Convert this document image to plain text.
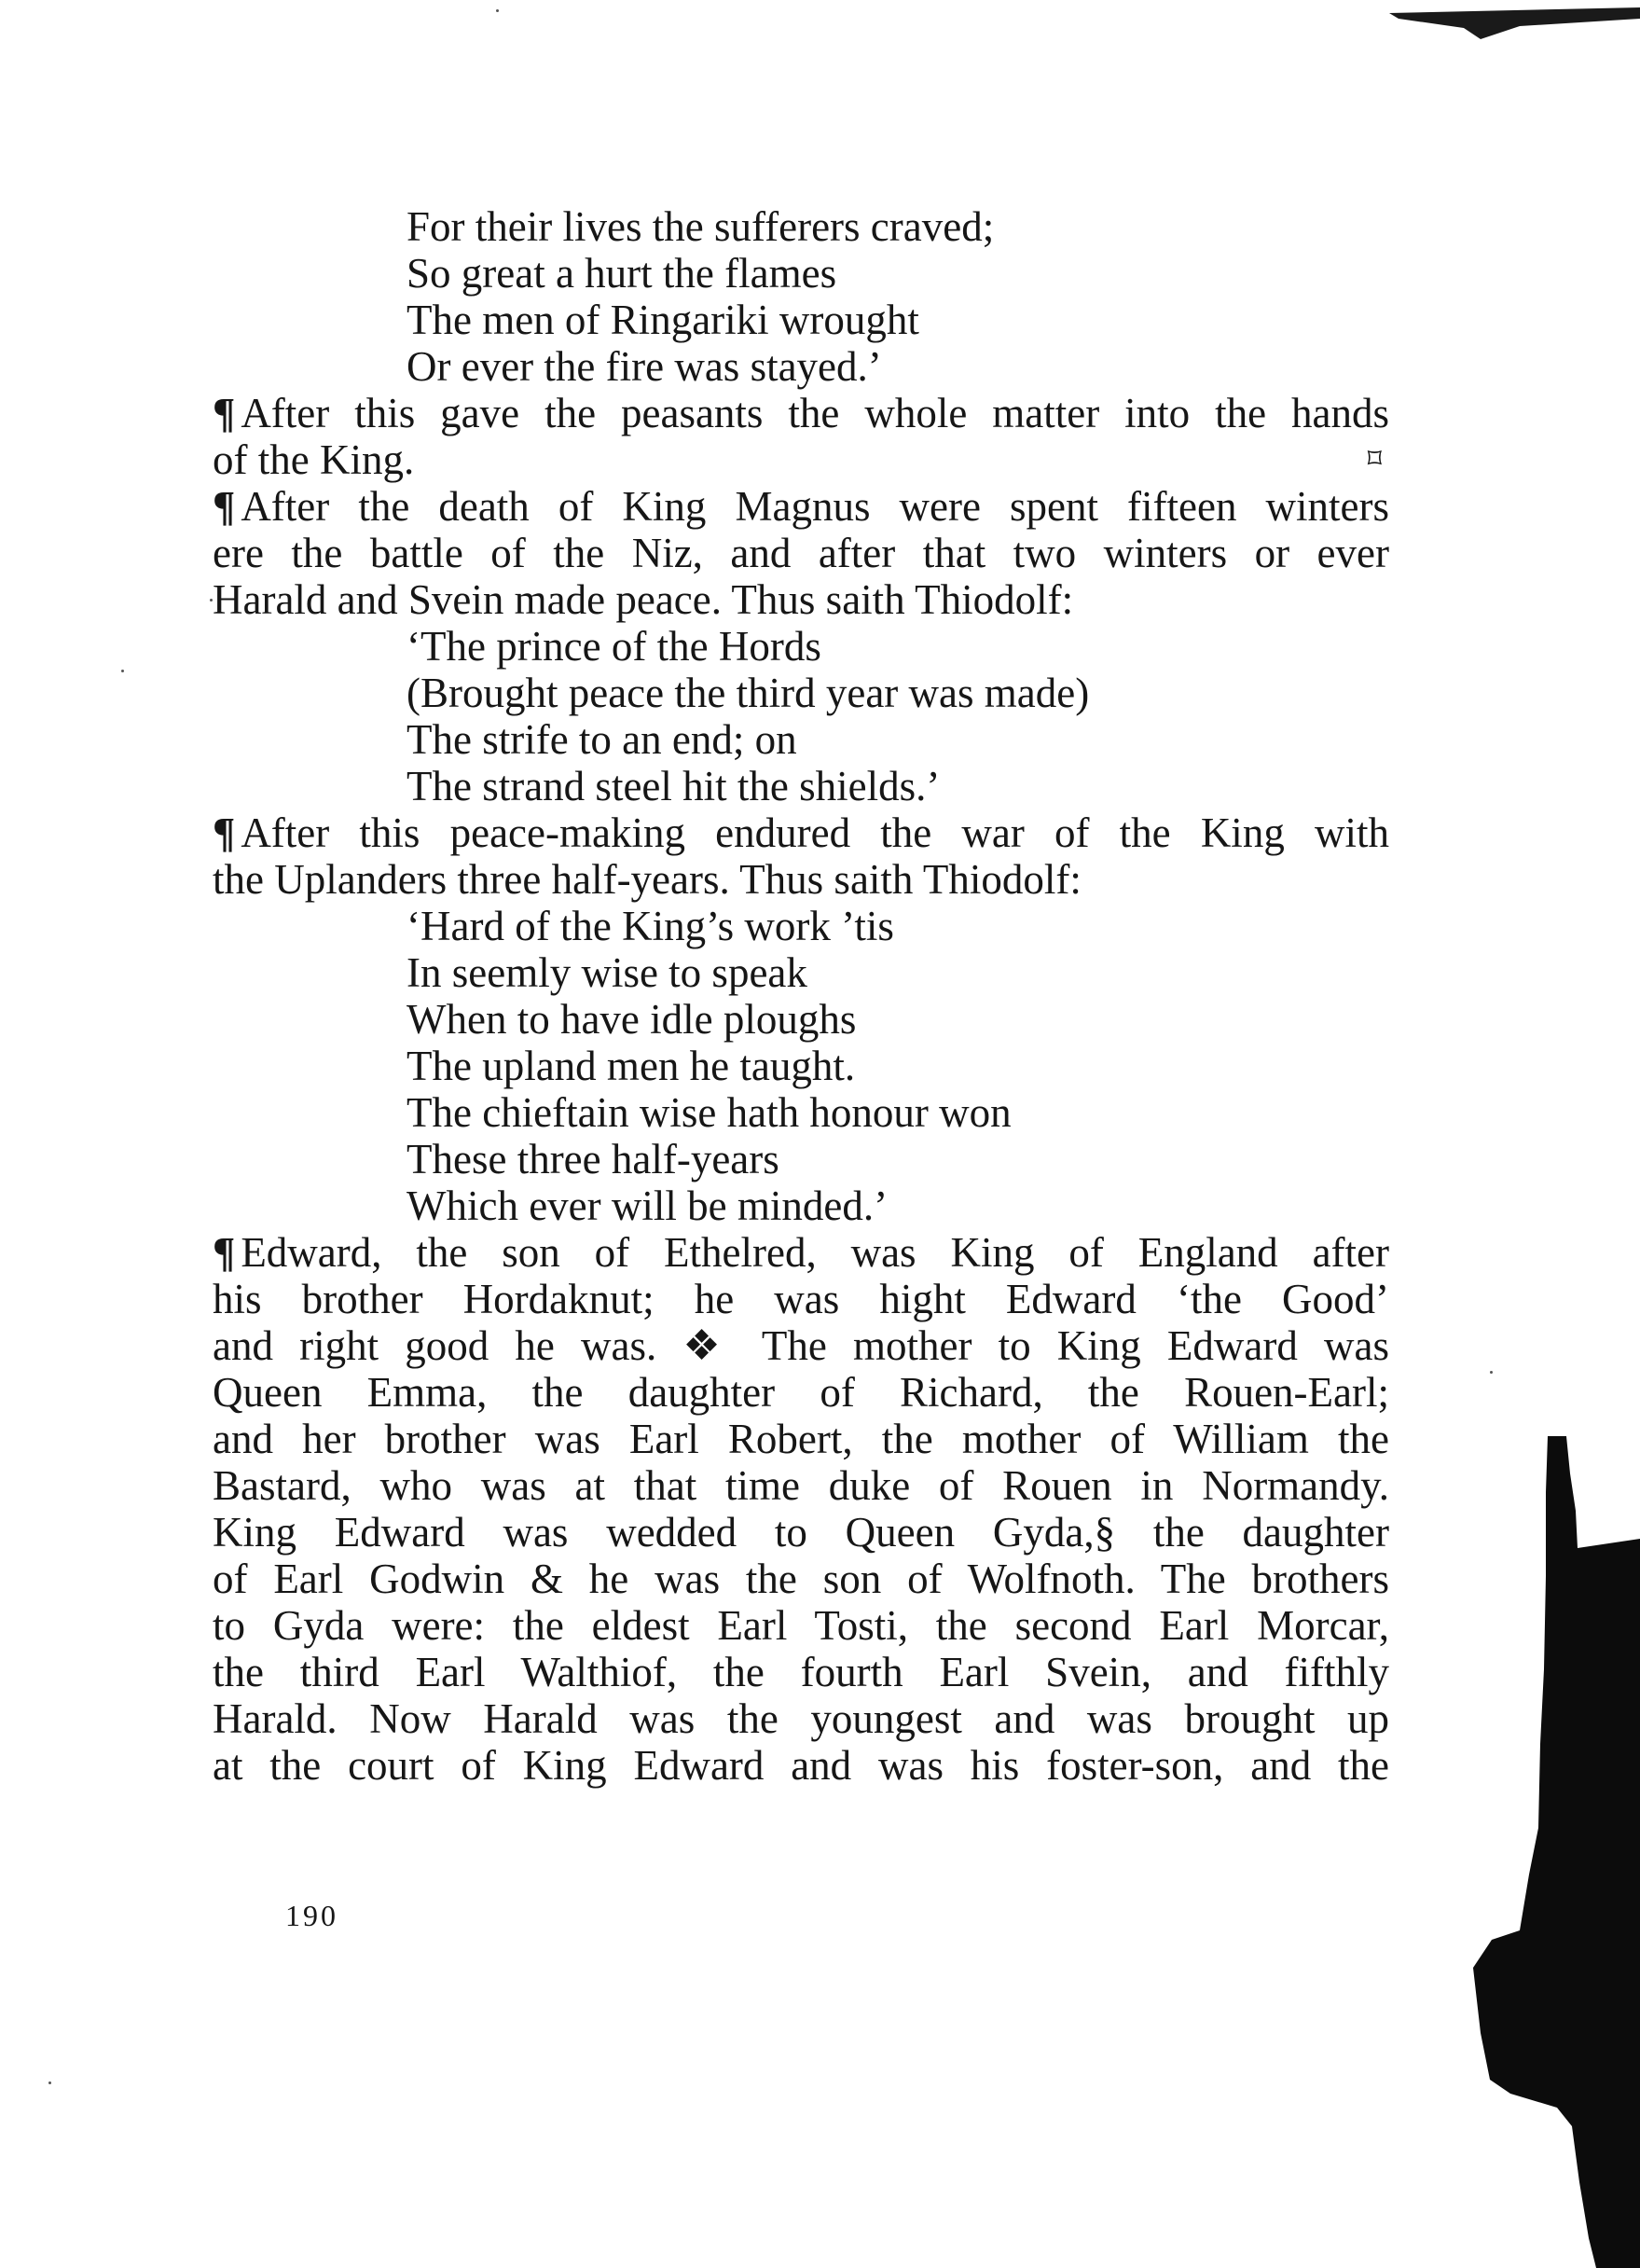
For their lives the sufferers craved;
So great a hurt the flames
The men of Ringariki wrought
Or ever the fire was stayed.’
¶ After this gave the peasants the whole matter into the hands
of the King.	⌑
¶ After the death of King Magnus were spent fifteen winters
ere the battle of the Niz, and after that two winters or ever
Harald and Svein made peace. Thus saith Thiodolf:
‘The prince of the Hords
(Brought peace the third year was made)
The strife to an end; on
The strand steel hit the shields.’
¶ After this peace-making endured the war of the King with
the Uplanders three half-years. Thus saith Thiodolf:
‘Hard of the King’s work ’tis
In seemly wise to speak
When to have idle ploughs
The upland men he taught.
The chieftain wise hath honour won
These three half-years
Which ever will be minded.’
¶ Edward, the son of Ethelred, was King of England after
his brother Hordaknut; he was hight Edward ‘the Good’
and right good he was. ❖ The mother to King Edward was
Queen Emma, the daughter of Richard, the Rouen-Earl;
and her brother was Earl Robert, the mother of William the
Bastard, who was at that time duke of Rouen in Normandy.
King Edward was wedded to Queen Gyda,§ the daughter
of Earl Godwin & he was the son of Wolfnoth. The brothers
to Gyda were: the eldest Earl Tosti, the second Earl Morcar,
the third Earl Walthiof, the fourth Earl Svein, and fifthly
Harald. Now Harald was the youngest and was brought up
at the court of King Edward and was his foster-son, and the
190
